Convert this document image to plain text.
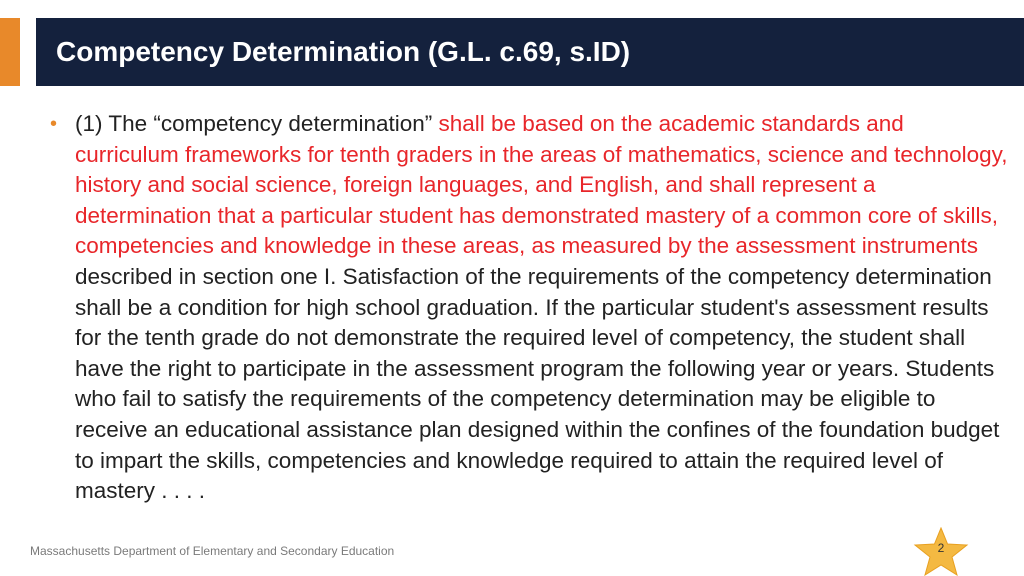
Competency Determination (G.L. c.69, s.ID)
• (1) The “competency determination” shall be based on the academic standards and curriculum frameworks for tenth graders in the areas of mathematics, science and technology, history and social science, foreign languages, and English, and shall represent a determination that a particular student has demonstrated mastery of a common core of skills, competencies and knowledge in these areas, as measured by the assessment instruments described in section one I. Satisfaction of the requirements of the competency determination shall be a condition for high school graduation. If the particular student's assessment results for the tenth grade do not demonstrate the required level of competency, the student shall have the right to participate in the assessment program the following year or years. Students who fail to satisfy the requirements of the competency determination may be eligible to receive an educational assistance plan designed within the confines of the foundation budget to impart the skills, competencies and knowledge required to attain the required level of mastery . . . .
Massachusetts Department of Elementary and Secondary Education	2
